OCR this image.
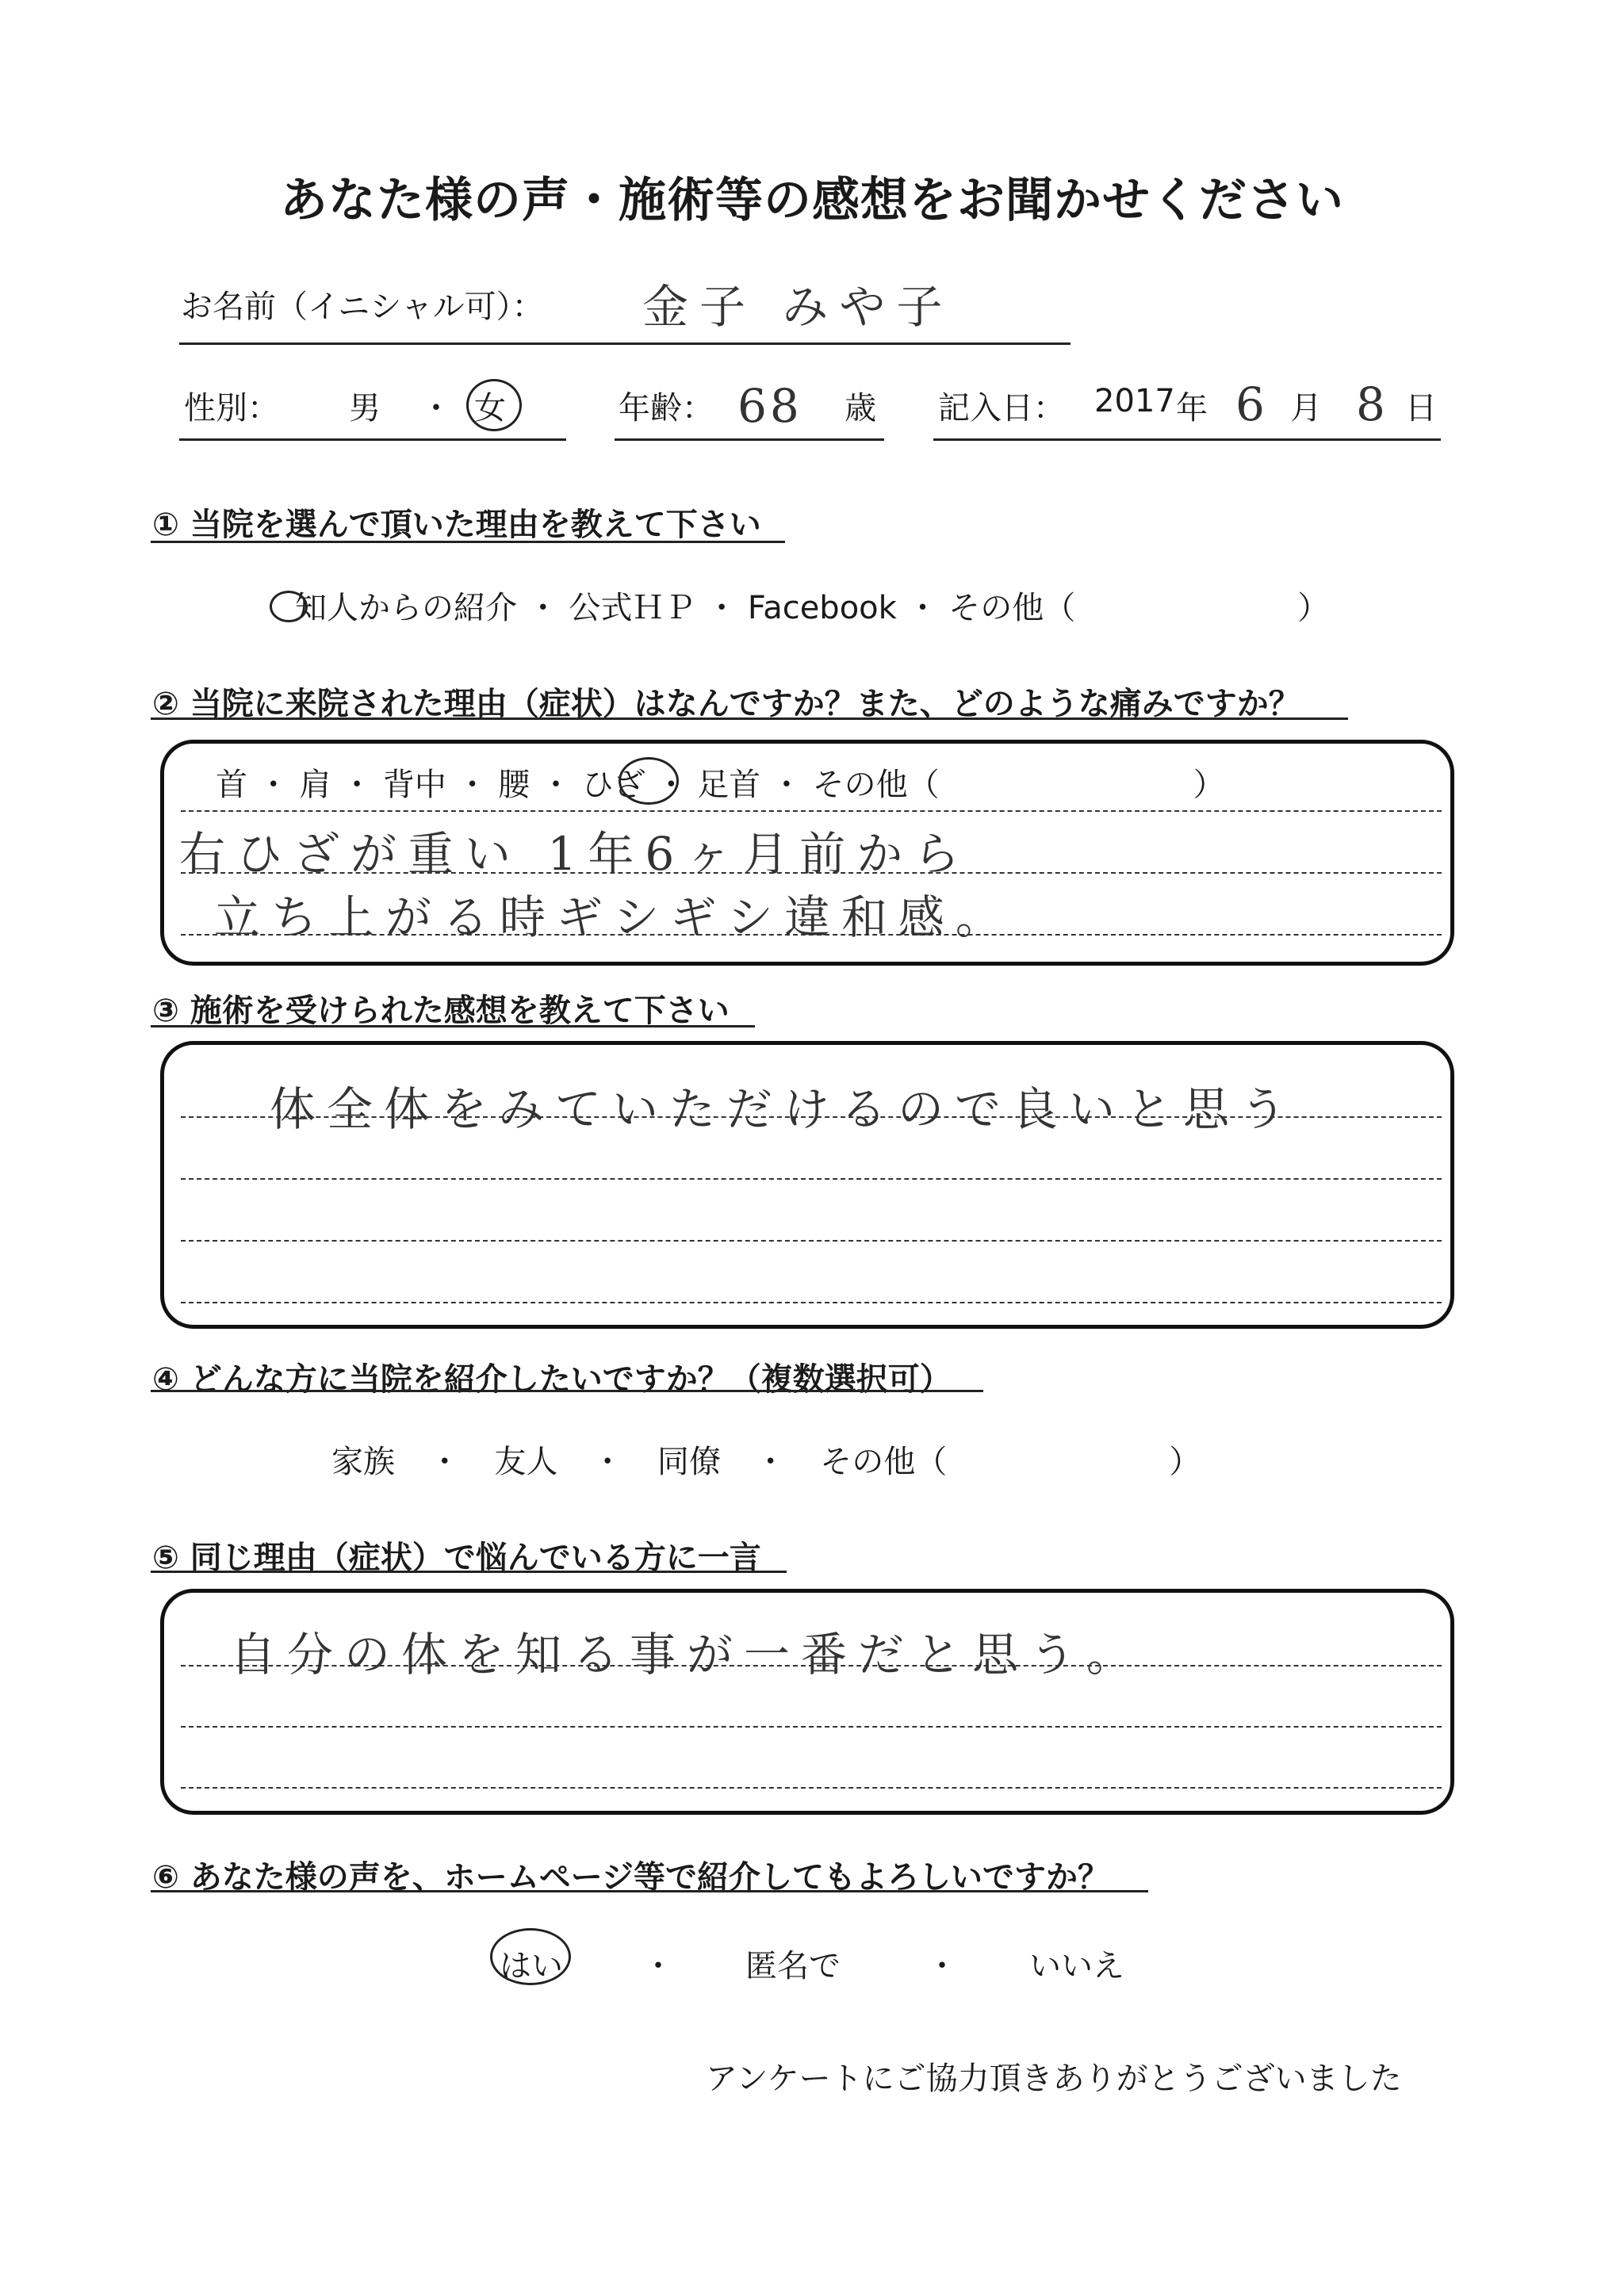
あなた様の声・施術等の感想をお聞かせください
お名前（イニシャル可）： 金子 みや子
性別： 男 ・ 女	年齢： 68 歳 記入日： 2017 年 6 月 8 日
① 当院を選んで頂いた理由を教えて下さい
知人からの紹介 ・ 公式ＨＰ ・ Facebook ・ その他（　　　　　　　）
② 当院に来院された理由（症状）はなんですか？また、どのような痛みですか？
首 ・ 肩 ・ 背中 ・ 腰 ・ ひざ ・ 足首 ・ その他（　　　　　　　　）
右ひざが重い 1年6ヶ月前から
立ち上がる時ギシギシ違和感。
③ 施術を受けられた感想を教えて下さい
体全体をみていただけるので良いと思う
④ どんな方に当院を紹介したいですか？（複数選択可）
家族 ・ 友人 ・ 同僚 ・ その他（　　　　　　　）
⑤ 同じ理由（症状）で悩んでいる方に一言
自分の体を知る事が一番だと思う。
⑥ あなた様の声を、ホームページ等で紹介してもよろしいですか？
はい	・ 匿名で	・ いいえ
アンケートにご協力頂きありがとうございました
